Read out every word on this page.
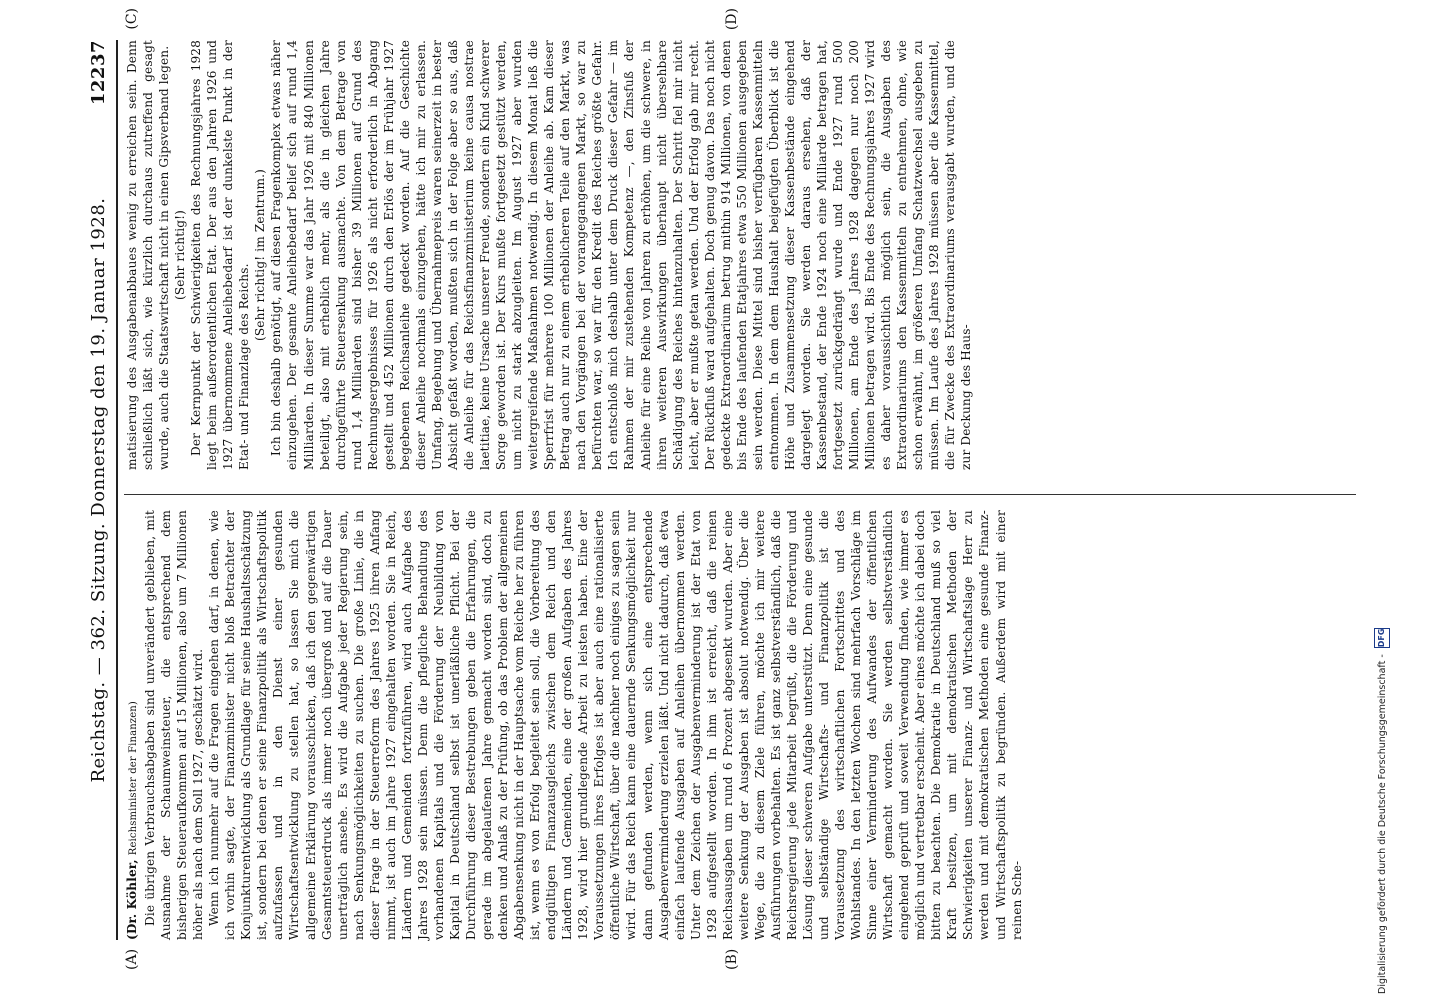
Reichstag. — 362. Sitzung. Donnerstag den 19. Januar 1928.
12237
(A)	(B)
(C)	(D)

(Dr. Köhler, Reichsminister der Finanzen) Die übrigen Verbrauchsabgaben sind unverändert geblieben, mit Ausnahme der Schaumweinsteuer, die entsprechend dem bisherigen Steueraufkommen auf 15 Millionen, also um 7 Millionen höher als nach dem Soll 1927, geschätzt wird. Wenn ich nunmehr auf die Fragen eingehen darf, in denen, wie ich vorhin sagte, der Finanzminister nicht bloß Betrachter der Konjunkturentwicklung als Grundlage für seine Haushaltsschätzung ist, sondern bei denen er seine Finanzpolitik als Wirtschaftspolitik aufzufassen und in den Dienst einer gesunden Wirtschaftsentwicklung zu stellen hat, so lassen Sie mich die allgemeine Erklärung vorausschicken, daß ich den gegenwärtigen Gesamtsteuerdruck als immer noch übergroß und auf die Dauer unerträglich ansehe. Es wird die Aufgabe jeder Regierung sein, nach Senkungsmöglichkeiten zu suchen. Die große Linie, die in dieser Frage in der Steuerreform des Jahres 1925 ihren Anfang nimmt, ist auch im Jahre 1927 eingehalten worden. Sie in Reich, Ländern und Gemeinden fortzuführen, wird auch Aufgabe des Jahres 1928 sein müssen. Denn die pflegliche Behandlung des vorhandenen Kapitals und die Förderung der Neubildung von Kapital in Deutschland selbst ist unerläßliche Pflicht. Bei der Durchführung dieser Bestrebungen geben die Erfahrungen, die gerade im abgelaufenen Jahre gemacht worden sind, doch zu denken und Anlaß zu der Prüfung, ob das Problem der allgemeinen Abgabensenkung nicht in der Hauptsache vom Reiche her zu führen ist, wenn es von Erfolg begleitet sein soll, die Vorbereitung des endgültigen Finanzausgleichs zwischen dem Reich und den Ländern und Gemeinden, eine der großen Aufgaben des Jahres 1928, wird hier grundlegende Arbeit zu leisten haben. Eine der Voraussetzungen ihres Erfolges ist aber auch eine rationalisierte öffentliche Wirtschaft, über die nachher noch einiges zu sagen sein wird. Für das Reich kann eine dauernde Senkungsmöglichkeit nur dann gefunden werden, wenn sich eine entsprechende Ausgabenverminderung erzielen läßt. Und nicht dadurch, daß etwa einfach laufende Ausgaben auf Anleihen übernommen werden. Unter dem Zeichen der Ausgabenverminderung ist der Etat von 1928 aufgestellt worden. In ihm ist erreicht, daß die reinen Reichsausgaben um rund 6 Prozent abgesenkt wurden. Aber eine weitere Senkung der Ausgaben ist absolut notwendig. Über die Wege, die zu diesem Ziele führen, möchte ich mir weitere Ausführungen vorbehalten. Es ist ganz selbstverständlich, daß die Reichsregierung jede Mitarbeit begrüßt, die die Förderung und Lösung dieser schweren Aufgabe unterstützt. Denn eine gesunde und selbständige Wirtschafts- und Finanzpolitik ist die Voraussetzung des wirtschaftlichen Fortschrittes und des Wohlstandes. In den letzten Wochen sind mehrfach Vorschläge im Sinne einer Verminderung des Aufwandes der öffentlichen Wirtschaft gemacht worden. Sie werden selbstverständlich eingehend geprüft und soweit Verwendung finden, wie immer es möglich und vertretbar erscheint. Aber eines möchte ich dabei doch bitten zu beachten. Die Demokratie in Deutschland muß so viel Kraft besitzen, um mit demokratischen Methoden der Schwierigkeiten unserer Finanz- und Wirtschaftslage Herr zu werden und mit demokratischen Methoden eine gesunde Finanz- und Wirtschaftspolitik zu begründen. Außerdem wird mit einer reinen Sche-

matisierung des Ausgabenabbaues wenig zu erreichen sein. Denn schließlich läßt sich, wie kürzlich durchaus zutreffend gesagt wurde, auch die Staatswirtschaft nicht in einen Gipsverband legen. (Sehr richtig!) Der Kernpunkt der Schwierigkeiten des Rechnungsjahres 1928 liegt beim außerordentlichen Etat. Der aus den Jahren 1926 und 1927 übernommene Anleihebedarf ist der dunkelste Punkt in der Etat- und Finanzlage des Reichs.

(Sehr richtig! im Zentrum.) Ich bin deshalb genötigt, auf diesen Fragenkomplex etwas näher einzugehen. Der gesamte Anleihebedarf belief sich auf rund 1,4 Milliarden. In dieser Summe war das Jahr 1926 mit 840 Millionen beteiligt, also mit erheblich mehr, als die in gleichen Jahre durchgeführte Steuersenkung ausmachte. Von dem Betrage von rund 1,4 Milliarden sind bisher 39 Millionen auf Grund des Rechnungsergebnisses für 1926 als nicht erforderlich in Abgang gestellt und 452 Millionen durch den Erlös der im Frühjahr 1927 begebenen Reichsanleihe gedeckt worden. Auf die Geschichte dieser Anleihe nochmals einzugehen, hätte ich mir zu erlassen. Umfang, Begebung und Übernahmepreis waren seinerzeit in bester Absicht gefaßt worden, mußten sich in der Folge aber so aus, daß die Anleihe für das Reichsfinanzministerium keine causa nostrae laetitiae, keine Ursache unserer Freude, sondern ein Kind schwerer Sorge geworden ist. Der Kurs mußte fortgesetzt gestützt werden, um nicht zu stark abzugleiten. Im August 1927 aber wurden weitergreifende Maßnahmen notwendig. In diesem Monat ließ die Sperrfrist für mehrere 100 Millionen der Anleihe ab. Kam dieser Betrag auch nur zu einem erheblicheren Teile auf den Markt, was nach den Vorgängen bei der vorangegangenen Markt, so war zu befürchten war, so war für den Kredit des Reiches größte Gefahr. Ich entschloß mich deshalb unter dem Druck dieser Gefahr — im Rahmen der mir zustehenden Kompetenz —, den Zinsfuß der Anleihe für eine Reihe von Jahren zu erhöhen, um die schwere, in ihren weiteren Auswirkungen überhaupt nicht übersehbare Schädigung des Reiches hintanzuhalten. Der Schritt fiel mir nicht leicht, aber er mußte getan werden. Und der Erfolg gab mir recht. Der Rückfluß ward aufgehalten. Doch genug davon. Das noch nicht gedeckte Extraordinarium betrug mithin 914 Millionen, von denen bis Ende des laufenden Etatjahres etwa 550 Millionen ausgegeben sein werden. Diese Mittel sind bisher verfügbaren Kassenmitteln entnommen. In dem dem Haushalt beigefügten Überblick ist die Höhe und Zusammensetzung dieser Kassenbestände eingehend dargelegt worden. Sie werden daraus ersehen, daß der Kassenbestand, der Ende 1924 noch eine Milliarde betragen hat, fortgesetzt zurückgedrängt wurde und Ende 1927 rund 500 Millionen, am Ende des Jahres 1928 dagegen nur noch 200 Millionen betragen wird. Bis Ende des Rechnungsjahres 1927 wird es daher voraussichtlich möglich sein, die Ausgaben des Extraordinariums den Kassenmitteln zu entnehmen, ohne, wie schon erwähnt, im größeren Umfang Schatzwechsel ausgeben zu müssen. Im Laufe des Jahres 1928 müssen aber die Kassenmittel, die für Zwecke des Extraordinariums verausgabt wurden, und die zur Deckung des Haus-

Digitalisierung gefördert durch die Deutsche Forschungsgemeinschaft -
DFG
